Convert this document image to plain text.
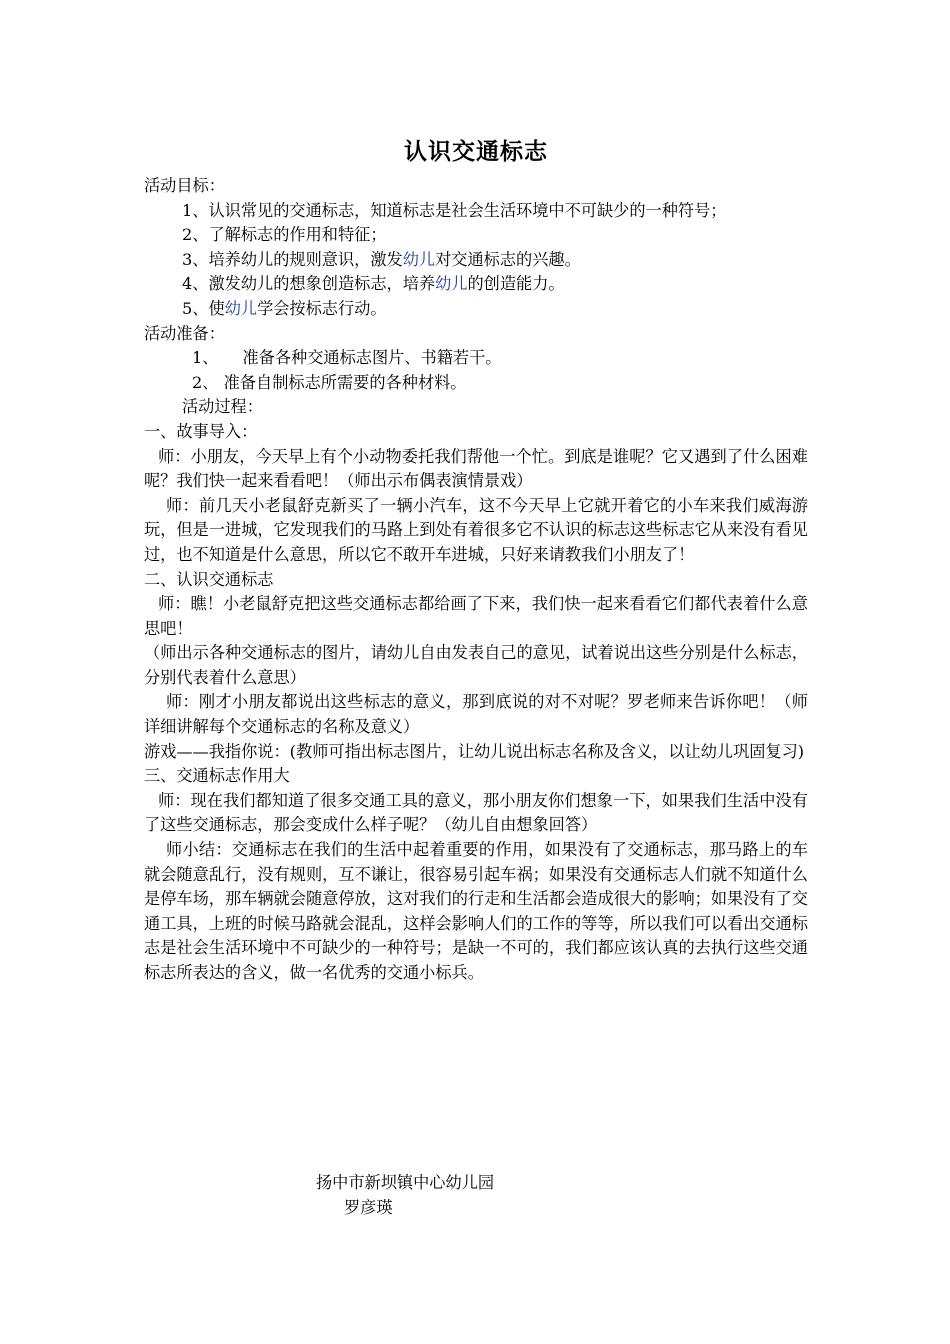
认识交通标志

活动目标：

1、认识常见的交通标志，知道标志是社会生活环境中不可缺少的一种符号；

2、了解标志的作用和特征；

3、培养幼儿的规则意识，激发幼儿对交通标志的兴趣。

4、激发幼儿的想象创造标志，培养幼儿的创造能力。

5、使幼儿学会按标志行动。

活动准备：

1、 准备各种交通标志图片、书籍若干。

2、 准备自制标志所需要的各种材料。

活动过程：

一、故事导入：

师：小朋友，今天早上有个小动物委托我们帮他一个忙。到底是谁呢？它又遇到了什么困难呢？我们快一起来看看吧！（师出示布偶表演情景戏）

师：前几天小老鼠舒克新买了一辆小汽车，这不今天早上它就开着它的小车来我们威海游玩，但是一进城，它发现我们的马路上到处有着很多它不认识的标志这些标志它从来没有看见过，也不知道是什么意思，所以它不敢开车进城，只好来请教我们小朋友了！

二、认识交通标志

师：瞧！小老鼠舒克把这些交通标志都给画了下来，我们快一起来看看它们都代表着什么意思吧！

（师出示各种交通标志的图片，请幼儿自由发表自己的意见，试着说出这些分别是什么标志，分别代表着什么意思）

师：刚才小朋友都说出这些标志的意义，那到底说的对不对呢？罗老师来告诉你吧！（师详细讲解每个交通标志的名称及意义）

游戏——我指你说：(教师可指出标志图片，让幼儿说出标志名称及含义，以让幼儿巩固复习)

三、交通标志作用大

师：现在我们都知道了很多交通工具的意义，那小朋友你们想象一下，如果我们生活中没有了这些交通标志，那会变成什么样子呢？（幼儿自由想象回答）

师小结：交通标志在我们的生活中起着重要的作用，如果没有了交通标志，那马路上的车就会随意乱行，没有规则，互不谦让，很容易引起车祸；如果没有交通标志人们就不知道什么是停车场，那车辆就会随意停放，这对我们的行走和生活都会造成很大的影响；如果没有了交通工具，上班的时候马路就会混乱，这样会影响人们的工作的等等，所以我们可以看出交通标志是社会生活环境中不可缺少的一种符号；是缺一不可的，我们都应该认真的去执行这些交通标志所表达的含义，做一名优秀的交通小标兵。

扬中市新坝镇中心幼儿园

罗彦瑛
